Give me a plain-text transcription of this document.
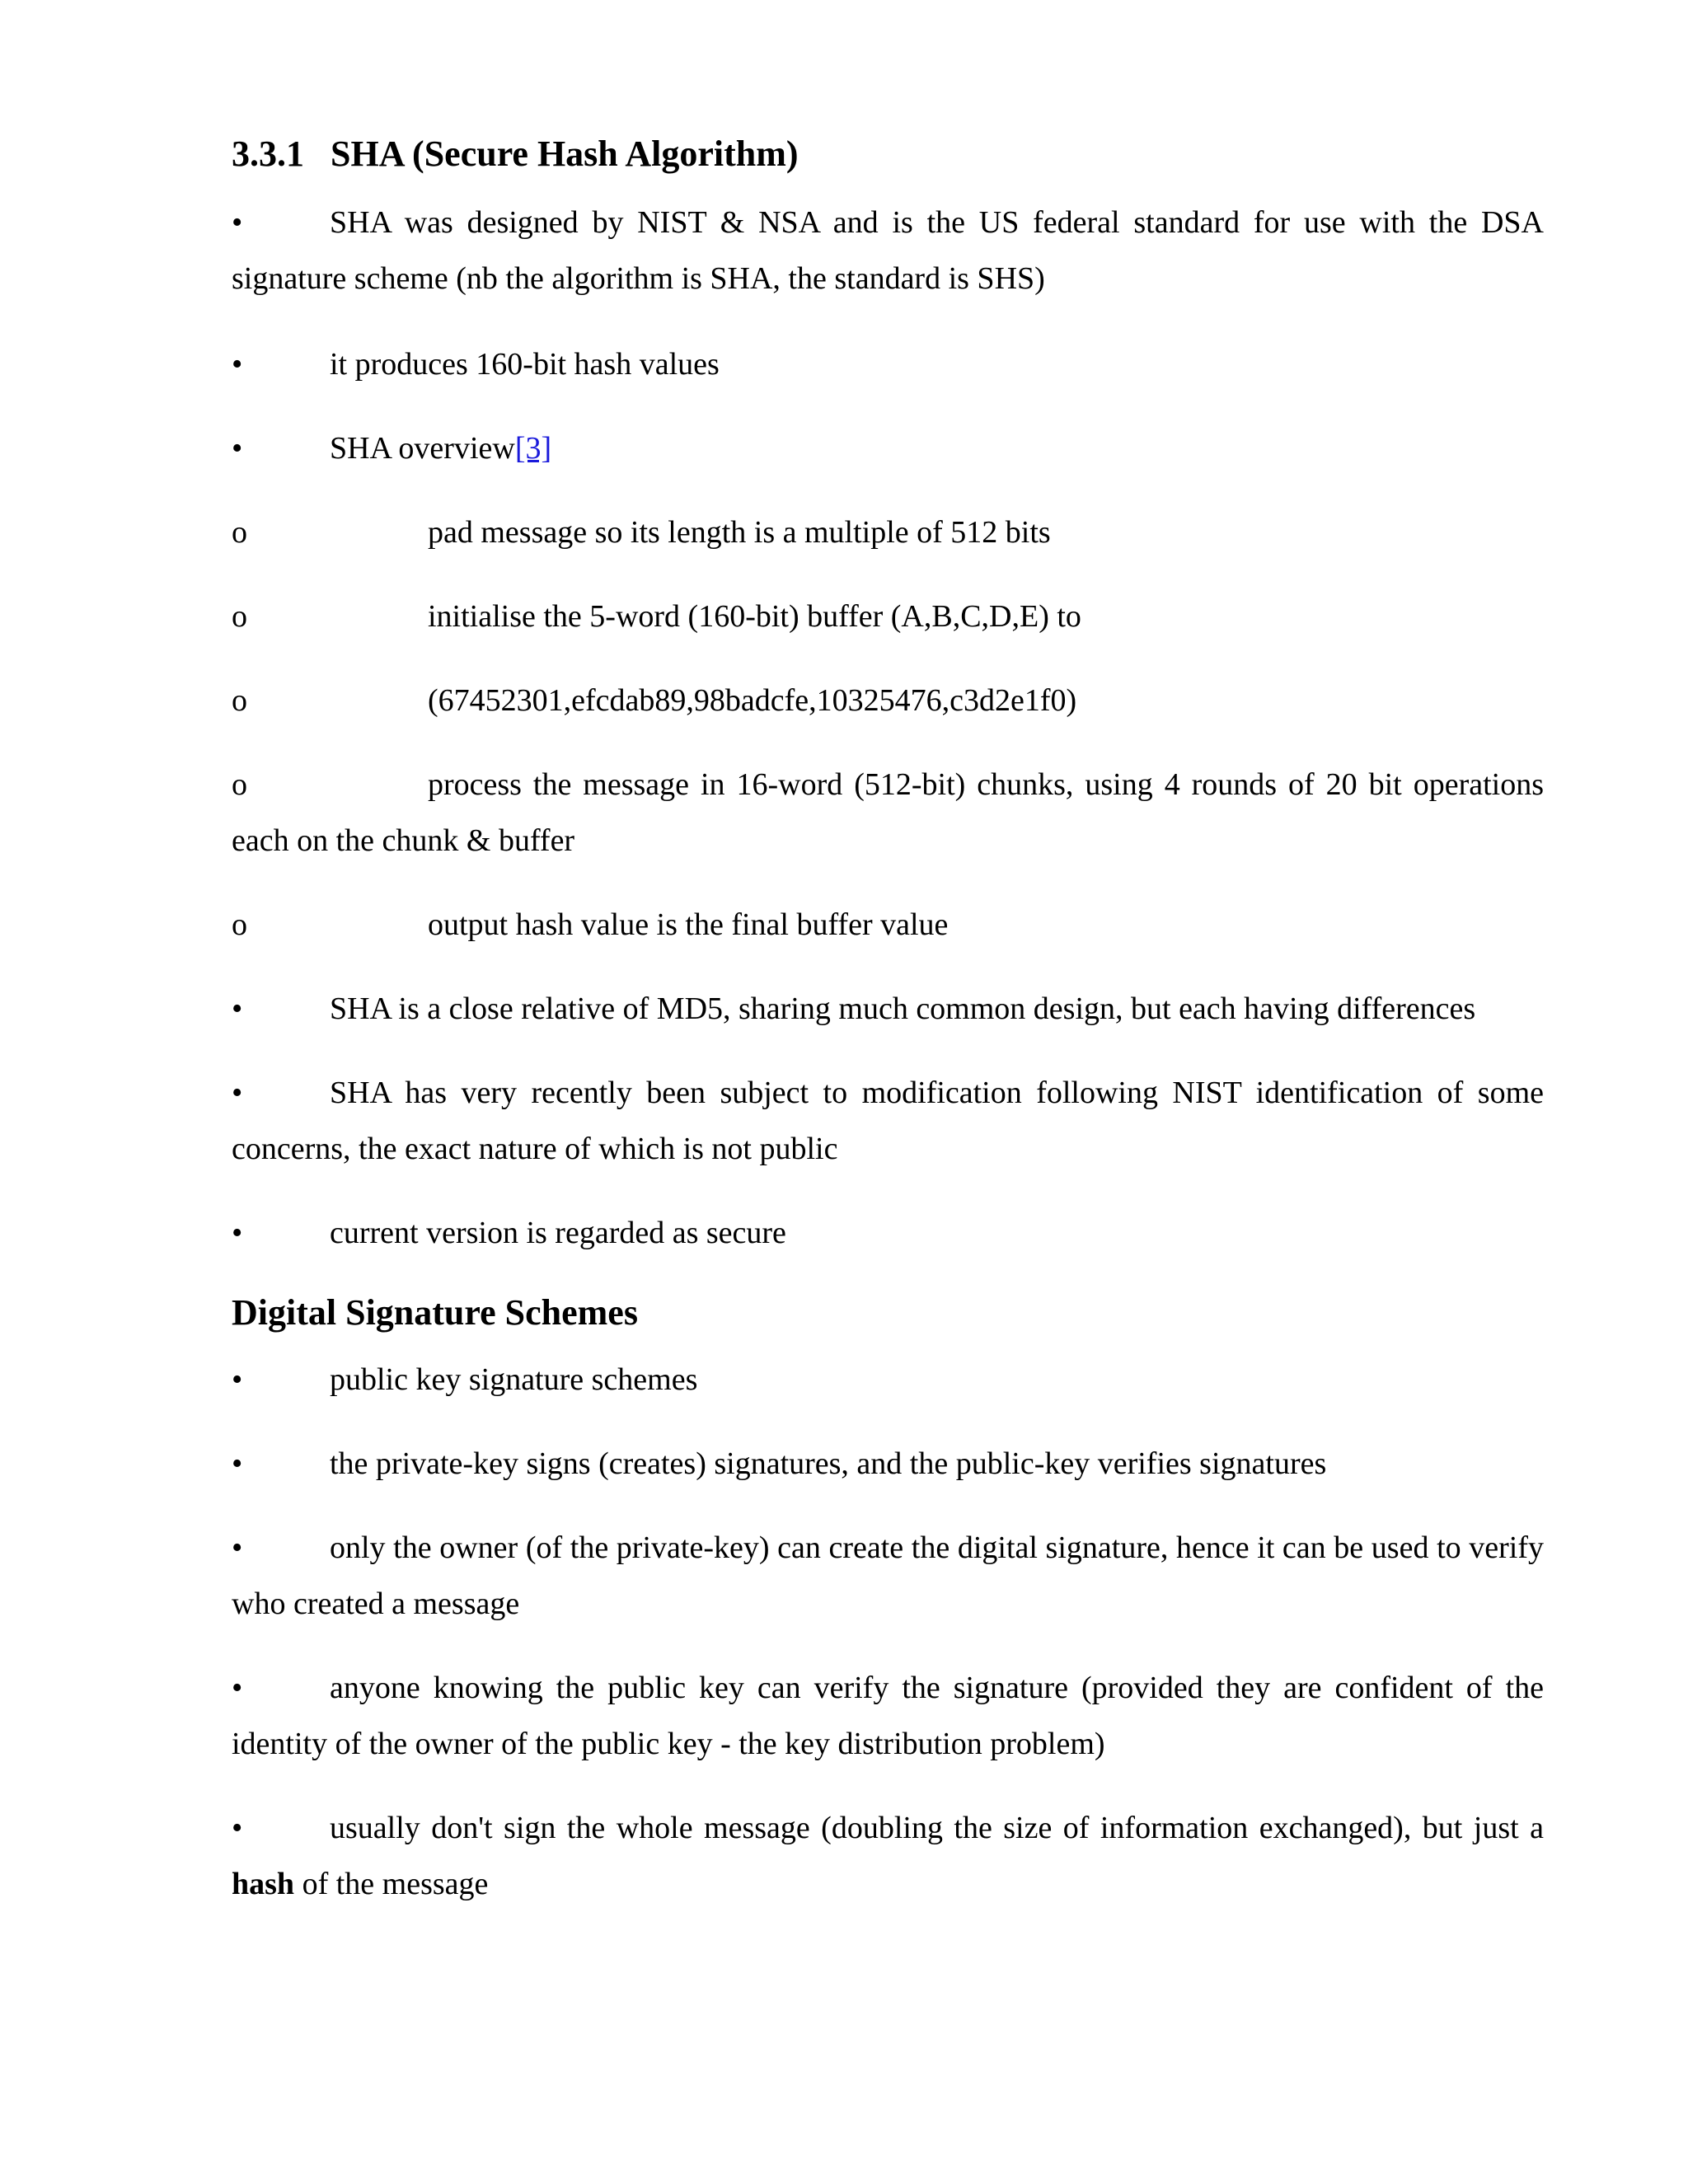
3.3.1 SHA (Secure Hash Algorithm)
•	SHA was designed by NIST & NSA and is the US federal standard for use with the DSA signature scheme (nb the algorithm is SHA, the standard is SHS)
•	it produces 160-bit hash values
•	SHA overview[3]
o	pad message so its length is a multiple of 512 bits
o	initialise the 5-word (160-bit) buffer (A,B,C,D,E) to
o	(67452301,efcdab89,98badcfe,10325476,c3d2e1f0)
o	process the message in 16-word (512-bit) chunks, using 4 rounds of 20 bit operations each on the chunk & buffer
o	output hash value is the final buffer value
•	SHA is a close relative of MD5, sharing much common design, but each having differences
•	SHA has very recently been subject to modification following NIST identification of some concerns, the exact nature of which is not public
•	current version is regarded as secure
Digital Signature Schemes
•	public key signature schemes
•	the private-key signs (creates) signatures, and the public-key verifies signatures
•	only the owner (of the private-key) can create the digital signature, hence it can be used to verify who created a message
•	anyone knowing the public key can verify the signature (provided they are confident of the identity of the owner of the public key - the key distribution problem)
•	usually don't sign the whole message (doubling the size of information exchanged), but just a hash of the message
